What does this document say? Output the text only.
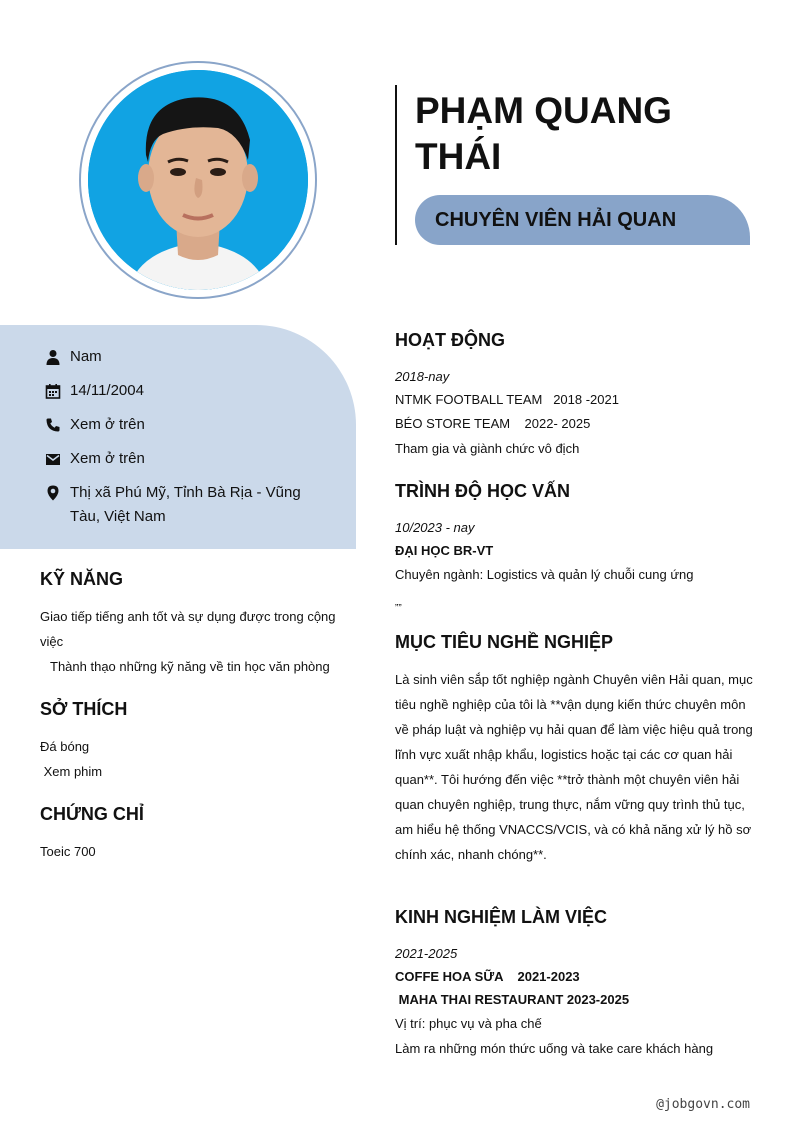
PHẠM QUANG THÁI
CHUYÊN VIÊN HẢI QUAN
Nam
14/11/2004
Xem ở trên
Xem ở trên
Thị xã Phú Mỹ, Tỉnh Bà Rịa - Vũng Tàu, Việt Nam
KỸ NĂNG
Giao tiếp tiếng anh tốt và sự dụng được trong cộng việc
Thành thạo những kỹ năng về tin học văn phòng
SỞ THÍCH
Đá bóng
Xem phim
CHỨNG CHỈ
Toeic 700
HOẠT ĐỘNG
2018-nay
NTMK FOOTBALL TEAM   2018 -2021
BÉO STORE TEAM    2022- 2025
Tham gia và giành chức vô địch
TRÌNH ĐỘ HỌC VẤN
10/2023 - nay
ĐẠI HỌC BR-VT
Chuyên ngành: Logistics và quản lý chuỗi cung ứng
„„
MỤC TIÊU NGHỀ NGHIỆP
Là sinh viên sắp tốt nghiệp ngành Chuyên viên Hải quan, mục tiêu nghề nghiệp của tôi là **vận dụng kiến thức chuyên môn về pháp luật và nghiệp vụ hải quan để làm việc hiệu quả trong lĩnh vực xuất nhập khẩu, logistics hoặc tại các cơ quan hải quan**. Tôi hướng đến việc **trở thành một chuyên viên hải quan chuyên nghiệp, trung thực, nắm vững quy trình thủ tục, am hiểu hệ thống VNACCS/VCIS, và có khả năng xử lý hồ sơ chính xác, nhanh chóng**.
KINH NGHIỆM LÀM VIỆC
2021-2025
COFFE HOA SỮA    2021-2023
MAHA THAI RESTAURANT 2023-2025
Vị trí: phục vụ và pha chế
Làm ra những món thức uống và take care khách hàng
@jobgovn.com
